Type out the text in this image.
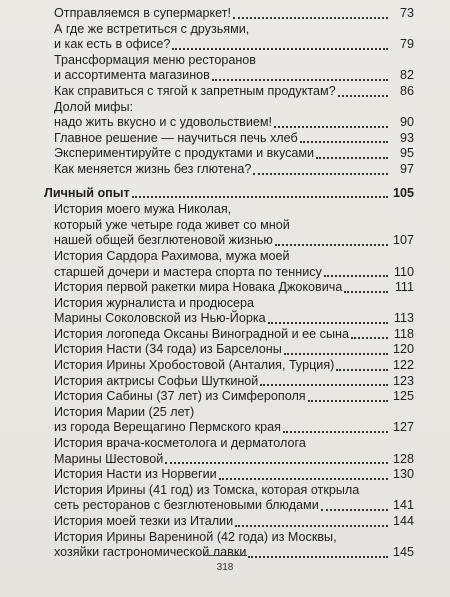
Отправляемся в супермаркет!	73
А где же встретиться с друзьями,
и как есть в офисе?	79
Трансформация меню ресторанов
и ассортимента магазинов	82
Как справиться с тягой к запретным продуктам?	86
Долой мифы:
надо жить вкусно и с удовольствием!	90
Главное решение — научиться печь хлеб	93
Экспериментируйте с продуктами и вкусами	95
Как меняется жизнь без глютена?	97
Личный опыт	105
История моего мужа Николая,
который уже четыре года живет со мной
нашей общей безглютеновой жизнью	107
История Сардора Рахимова, мужа моей
старшей дочери и мастера спорта по теннису	110
История первой ракетки мира Новака Джоковича	111
История журналиста и продюсера
Марины Соколовской из Нью-Йорка	113
История логопеда Оксаны Виноградной и ее сына	118
История Насти (34 года) из Барселоны	120
История Ирины Хробостовой (Анталия, Турция)	122
История актрисы Софьи Шуткиной	123
История Сабины (37 лет) из Симферополя	125
История Марии (25 лет)
из города Верещагино Пермского края	127
История врача-косметолога и дерматолога
Марины Шестовой	128
История Насти из Норвегии	130
История Ирины (41 год) из Томска, которая открыла
сеть ресторанов с безглютеновыми блюдами	141
История моей тезки из Италии	144
История Ирины Варениной (42 года) из Москвы,
хозяйки гастрономической лавки	145
318
